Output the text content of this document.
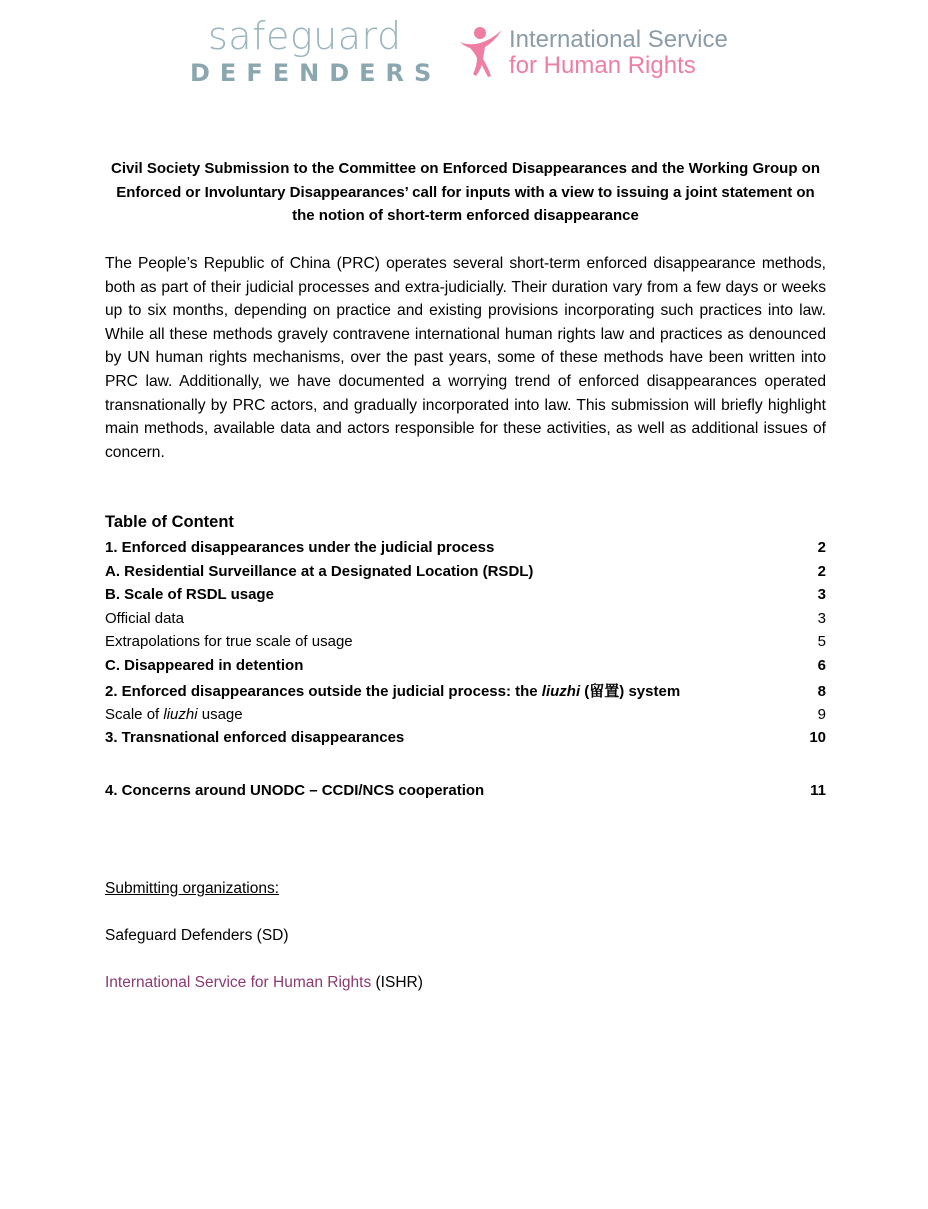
safeguard
DEFENDERS
International Service
for Human Rights
Civil Society Submission to the Committee on Enforced Disappearances and the Working Group on Enforced or Involuntary Disappearances’ call for inputs with a view to issuing a joint statement on the notion of short-term enforced disappearance
The People’s Republic of China (PRC) operates several short-term enforced disappearance methods, both as part of their judicial processes and extra-judicially. Their duration vary from a few days or weeks up to six months, depending on practice and existing provisions incorporating such practices into law. While all these methods gravely contravene international human rights law and practices as denounced by UN human rights mechanisms, over the past years, some of these methods have been written into PRC law. Additionally, we have documented a worrying trend of enforced disappearances operated transnationally by PRC actors, and gradually incorporated into law. This submission will briefly highlight main methods, available data and actors responsible for these activities, as well as additional issues of concern.
Table of Content
1. Enforced disappearances under the judicial process	2
A. Residential Surveillance at a Designated Location (RSDL)	2
B. Scale of RSDL usage	3
Official data	3
Extrapolations for true scale of usage	5
C. Disappeared in detention	6
2. Enforced disappearances outside the judicial process: the liuzhi (留置) system	8
Scale of liuzhi usage	9
3. Transnational enforced disappearances	10
4. Concerns around UNODC – CCDI/NCS cooperation	11
Submitting organizations:
Safeguard Defenders (SD)
International Service for Human Rights (ISHR)
